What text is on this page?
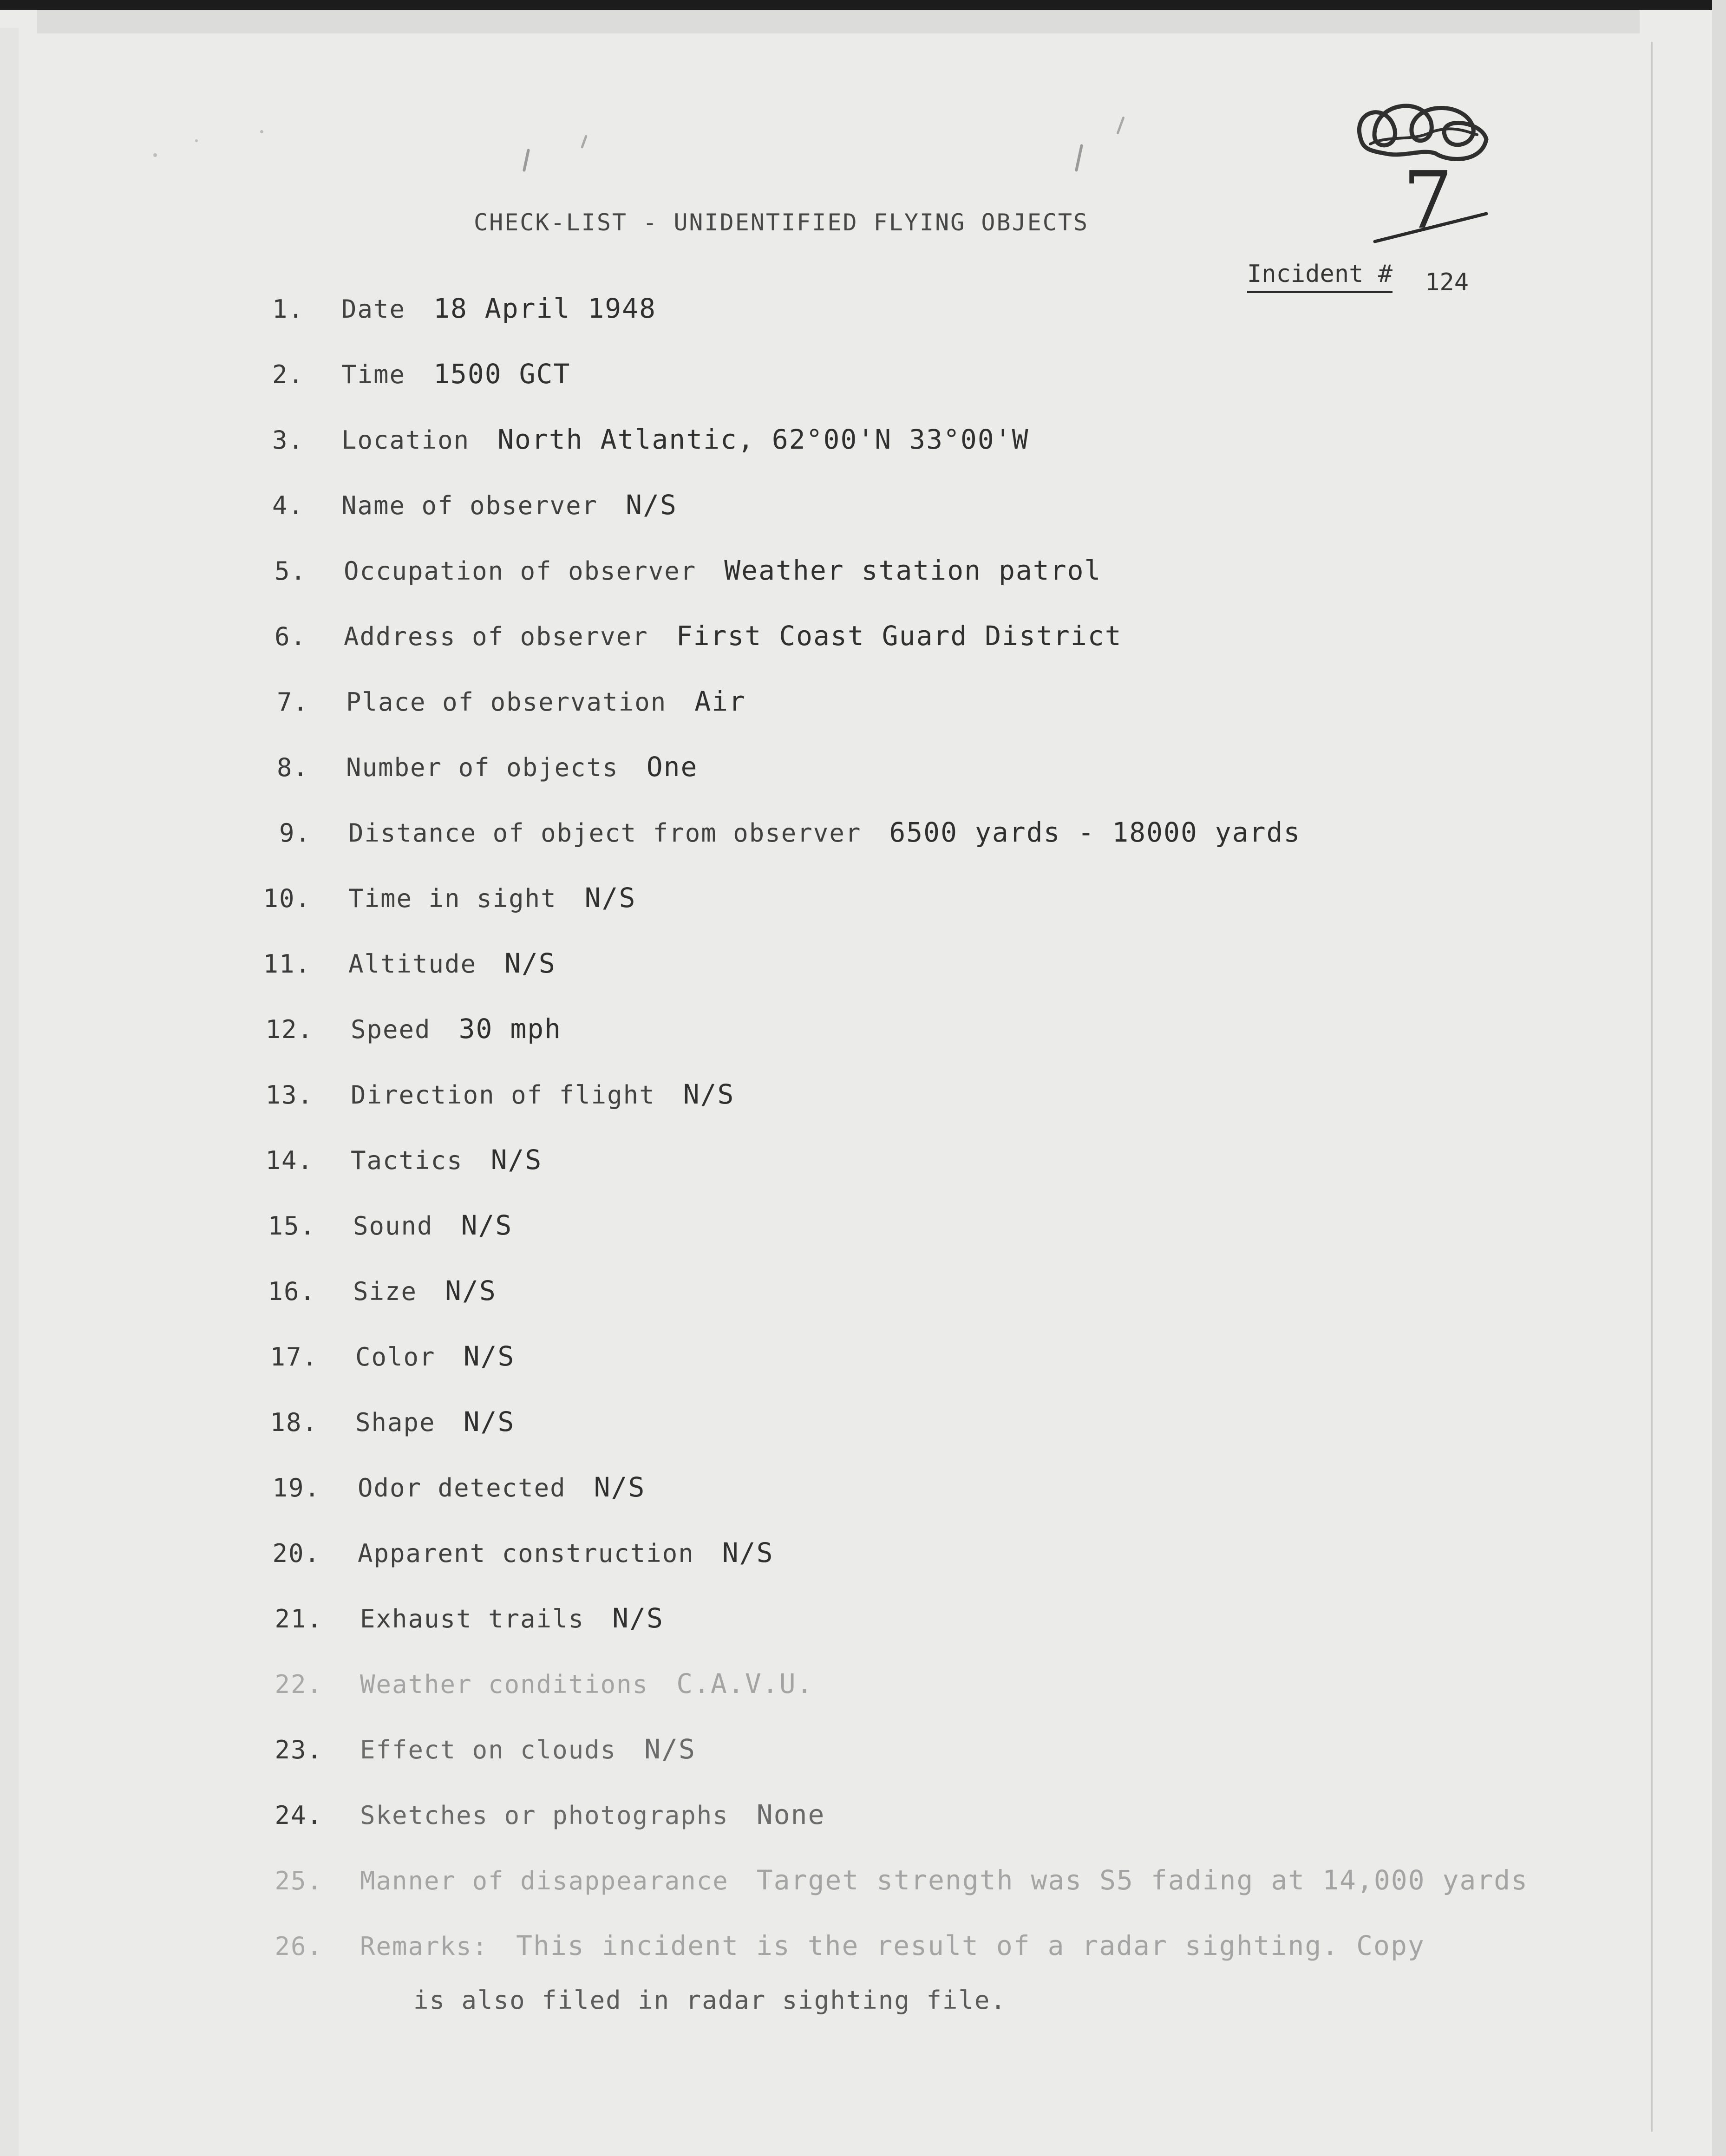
7
CHECK-LIST - UNIDENTIFIED FLYING OBJECTS
Incident # 124
1. Date 18 April 1948
2. Time 1500 GCT
3. Location North Atlantic, 62°00'N 33°00'W
4. Name of observer N/S
5. Occupation of observer Weather station patrol
6. Address of observer First Coast Guard District
7. Place of observation Air
8. Number of objects One
9. Distance of object from observer 6500 yards - 18000 yards
10. Time in sight N/S
11. Altitude N/S
12. Speed 30 mph
13. Direction of flight N/S
14. Tactics N/S
15. Sound N/S
16. Size N/S
17. Color N/S
18. Shape N/S
19. Odor detected N/S
20. Apparent construction N/S
21. Exhaust trails N/S
22. Weather conditions C.A.V.U.
23. Effect on clouds N/S
24. Sketches or photographs None
25. Manner of disappearance Target strength was S5 fading at 14,000 yards
26. Remarks: This incident is the result of a radar sighting. Copy
is also filed in radar sighting file.
